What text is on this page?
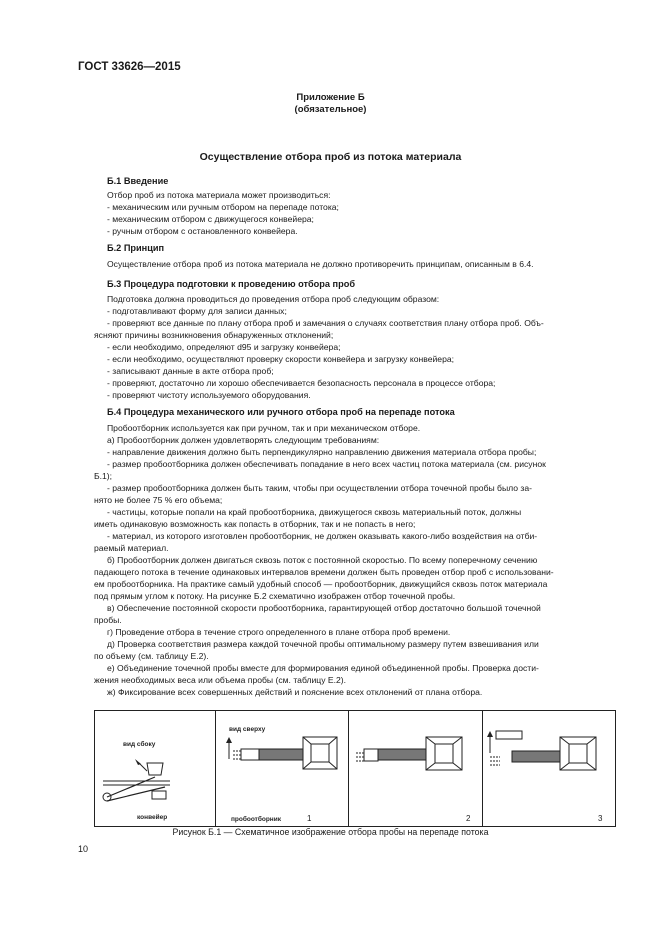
ГОСТ 33626—2015
Приложение Б
(обязательное)
Осуществление отбора проб из потока материала
Б.1 Введение
Отбор проб из потока материала может производиться:
- механическим или ручным отбором на перепаде потока;
- механическим отбором с движущегося конвейера;
- ручным отбором с остановленного конвейера.
Б.2 Принцип
Осуществление отбора проб из потока материала не должно противоречить принципам, описанным в 6.4.
Б.3 Процедура подготовки к проведению отбора проб
Подготовка должна проводиться до проведения отбора проб следующим образом:
- подготавливают форму для записи данных;
- проверяют все данные по плану отбора проб и замечания о случаях соответствия плану отбора проб. Объ-
ясняют причины возникновения обнаруженных отклонений;
- если необходимо, определяют d95 и загрузку конвейера;
- если необходимо, осуществляют проверку скорости конвейера и загрузку конвейера;
- записывают данные в акте отбора проб;
- проверяют, достаточно ли хорошо обеспечивается безопасность персонала в процессе отбора;
- проверяют чистоту используемого оборудования.
Б.4 Процедура механического или ручного отбора проб на перепаде потока
Пробоотборник используется как при ручном, так и при механическом отборе.
а) Пробоотборник должен удовлетворять следующим требованиям:
- направление движения должно быть перпендикулярно направлению движения материала отбора пробы;
- размер пробоотборника должен обеспечивать попадание в него всех частиц потока материала (см. рисунок
Б.1);
- размер пробоотборника должен быть таким, чтобы при осуществлении отбора точечной пробы было за-
нято не более 75 % его объема;
- частицы, которые попали на край пробоотборника, движущегося сквозь материальный поток, должны
иметь одинаковую возможность как попасть в отборник, так и не попасть в него;
- материал, из которого изготовлен пробоотборник, не должен оказывать какого-либо воздействия на отби-
раемый материал.
б) Пробоотборник должен двигаться сквозь поток с постоянной скоростью. По всему поперечному сечению
падающего потока в течение одинаковых интервалов времени должен быть проведен отбор проб с использовани-
ем пробоотборника. На практике самый удобный способ — пробоотборник, движущийся сквозь поток материала
под прямым углом к потоку. На рисунке Б.2 схематично изображен отбор точечной пробы.
в) Обеспечение постоянной скорости пробоотборника, гарантирующей отбор достаточно большой точечной
пробы.
г) Проведение отбора в течение строго определенного в плане отбора проб времени.
д) Проверка соответствия размера каждой точечной пробы оптимальному размеру путем взвешивания или
по объему (см. таблицу Е.2).
е) Объединение точечной пробы вместе для формирования единой объединенной пробы. Проверка дости-
жения необходимых веса или объема пробы (см. таблицу Е.2).
ж) Фиксирование всех совершенных действий и пояснение всех отклонений от плана отбора.
вид сбоку
конвейер
вид сверху
пробоотборник	1	2	3
Рисунок Б.1 — Схематичное изображение отбора пробы на перепаде потока
10
